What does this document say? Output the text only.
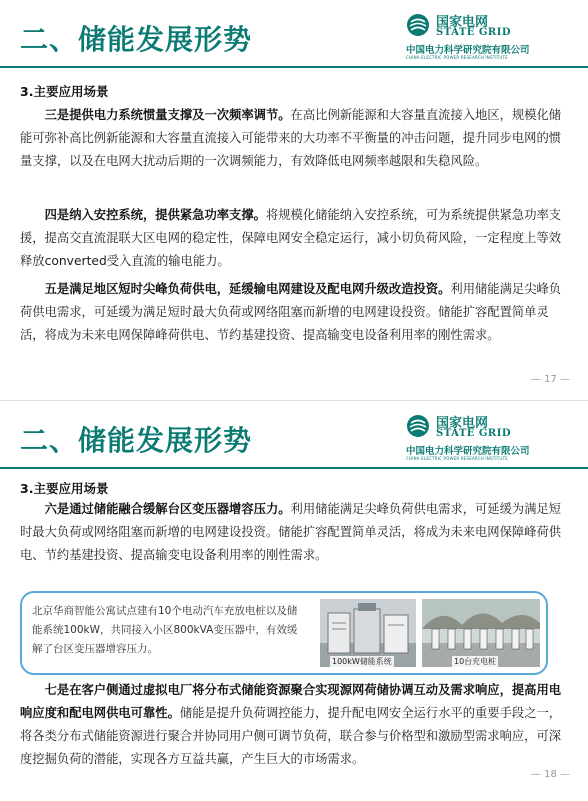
二、储能发展形势
国家电网
STATE GRID
中国电力科学研究院有限公司
CHINA ELECTRIC POWER RESEARCH INSTITUTE
3.主要应用场景
三是提供电力系统惯量支撑及一次频率调节。在高比例新能源和大容量直流接入地区，规模化储能可弥补高比例新能源和大容量直流接入可能带来的大功率不平衡量的冲击问题，提升同步电网的惯量支撑，以及在电网大扰动后期的一次调频能力，有效降低电网频率越限和失稳风险。
四是纳入安控系统，提供紧急功率支撑。将规模化储能纳入安控系统，可为系统提供紧急功率支援，提高交直流混联大区电网的稳定性，保障电网安全稳定运行，减小切负荷风险，一定程度上等效释放converted受入直流的输电能力。
五是满足地区短时尖峰负荷供电，延缓输电网建设及配电网升级改造投资。利用储能满足尖峰负荷供电需求，可延缓为满足短时最大负荷或网络阻塞而新增的电网建设投资。储能扩容配置简单灵活，将成为未来电网保障峰荷供电、节约基建投资、提高输变电设备利用率的刚性需求。
— 17 —
二、储能发展形势
国家电网
STATE GRID
中国电力科学研究院有限公司
CHINA ELECTRIC POWER RESEARCH INSTITUTE
3.主要应用场景
六是通过储能融合缓解台区变压器增容压力。利用储能满足尖峰负荷供电需求，可延缓为满足短时最大负荷或网络阻塞而新增的电网建设投资。储能扩容配置简单灵活，将成为未来电网保障峰荷供电、节约基建投资、提高输变电设备利用率的刚性需求。
北京华商智能公寓试点建有10个电动汽车充放电桩以及储能系统100kW，共同接入小区800kVA变压器中，有效缓解了台区变压器增容压力。
100kW储能系统	10台充电桩
七是在客户侧通过虚拟电厂将分布式储能资源聚合实现源网荷储协调互动及需求响应，提高用电响应度和配电网供电可靠性。储能是提升负荷调控能力，提升配电网安全运行水平的重要手段之一，将各类分布式储能资源进行聚合并协同用户侧可调节负荷，联合参与价格型和激励型需求响应，可深度挖掘负荷的潜能，实现各方互益共赢，产生巨大的市场需求。
— 18 —
